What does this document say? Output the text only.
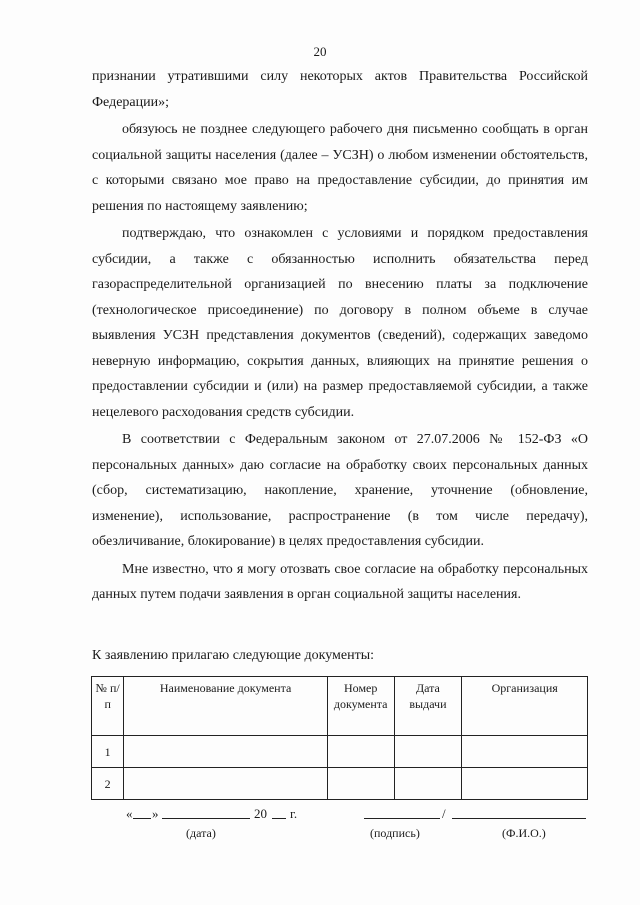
20

признании утратившими силу некоторых актов Правительства Российской Федерации»;

обязуюсь не позднее следующего рабочего дня письменно сообщать в орган социальной защиты населения (далее – УСЗН) о любом изменении обстоятельств, с которыми связано мое право на предоставление субсидии, до принятия им решения по настоящему заявлению;

подтверждаю, что ознакомлен с условиями и порядком предоставления субсидии, а также с обязанностью исполнить обязательства перед газораспределительной организацией по внесению платы за подключение (технологическое присоединение) по договору в полном объеме в случае выявления УСЗН представления документов (сведений), содержащих заведомо неверную информацию, сокрытия данных, влияющих на принятие решения о предоставлении субсидии и (или) на размер предоставляемой субсидии, а также нецелевого расходования средств субсидии.

В соответствии с Федеральным законом от 27.07.2006 № 152-ФЗ «О персональных данных» даю согласие на обработку своих персональных данных (сбор, систематизацию, накопление, хранение, уточнение (обновление, изменение), использование, распространение (в том числе передачу), обезличивание, блокирование) в целях предоставления субсидии.

Мне известно, что я могу отозвать свое согласие на обработку персональных данных путем подачи заявления в орган социальной защиты населения.

К заявлению прилагаю следующие документы:
№ п/п	Наименование документа	Номер документа	Дата выдачи	Организация
1				
2				
« »	20 г.	/
(дата)	(подпись)	(Ф.И.О.)
